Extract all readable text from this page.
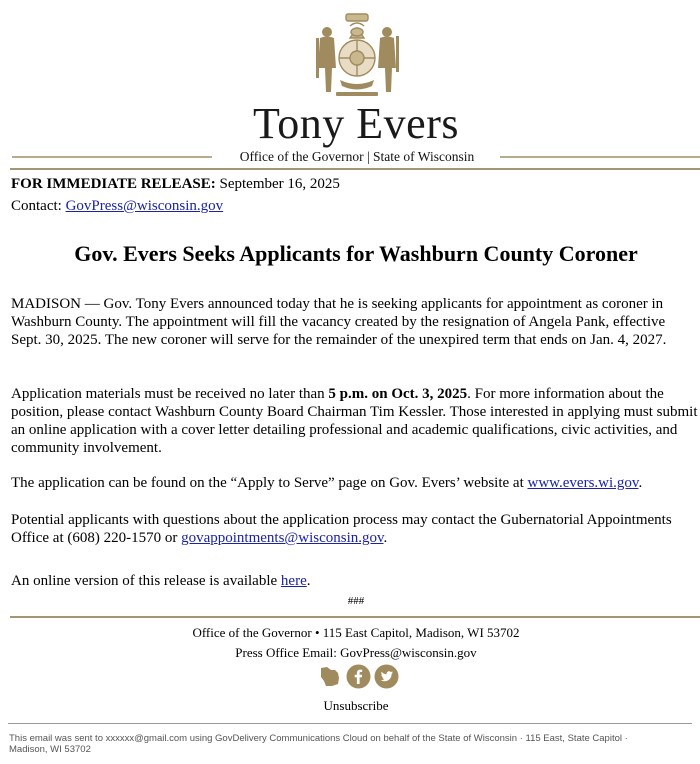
Tony Evers
Office of the Governor | State of Wisconsin
FOR IMMEDIATE RELEASE: September 16, 2025
Contact: GovPress@wisconsin.gov
Gov. Evers Seeks Applicants for Washburn County Coroner
MADISON — Gov. Tony Evers announced today that he is seeking applicants for appointment as coroner in Washburn County. The appointment will fill the vacancy created by the resignation of Angela Pank, effective Sept. 30, 2025. The new coroner will serve for the remainder of the unexpired term that ends on Jan. 4, 2027.
Application materials must be received no later than 5 p.m. on Oct. 3, 2025. For more information about the position, please contact Washburn County Board Chairman Tim Kessler. Those interested in applying must submit an online application with a cover letter detailing professional and academic qualifications, civic activities, and community involvement.
The application can be found on the “Apply to Serve” page on Gov. Evers’ website at www.evers.wi.gov.
Potential applicants with questions about the application process may contact the Gubernatorial Appointments Office at (608) 220-1570 or govappointments@wisconsin.gov.
An online version of this release is available here.
###
Office of the Governor • 115 East Capitol, Madison, WI 53702
Press Office Email: GovPress@wisconsin.gov
Unsubscribe
This email was sent to xxxxxx@gmail.com using GovDelivery Communications Cloud on behalf of the State of Wisconsin · 115 East, State Capitol · Madison, WI 53702
